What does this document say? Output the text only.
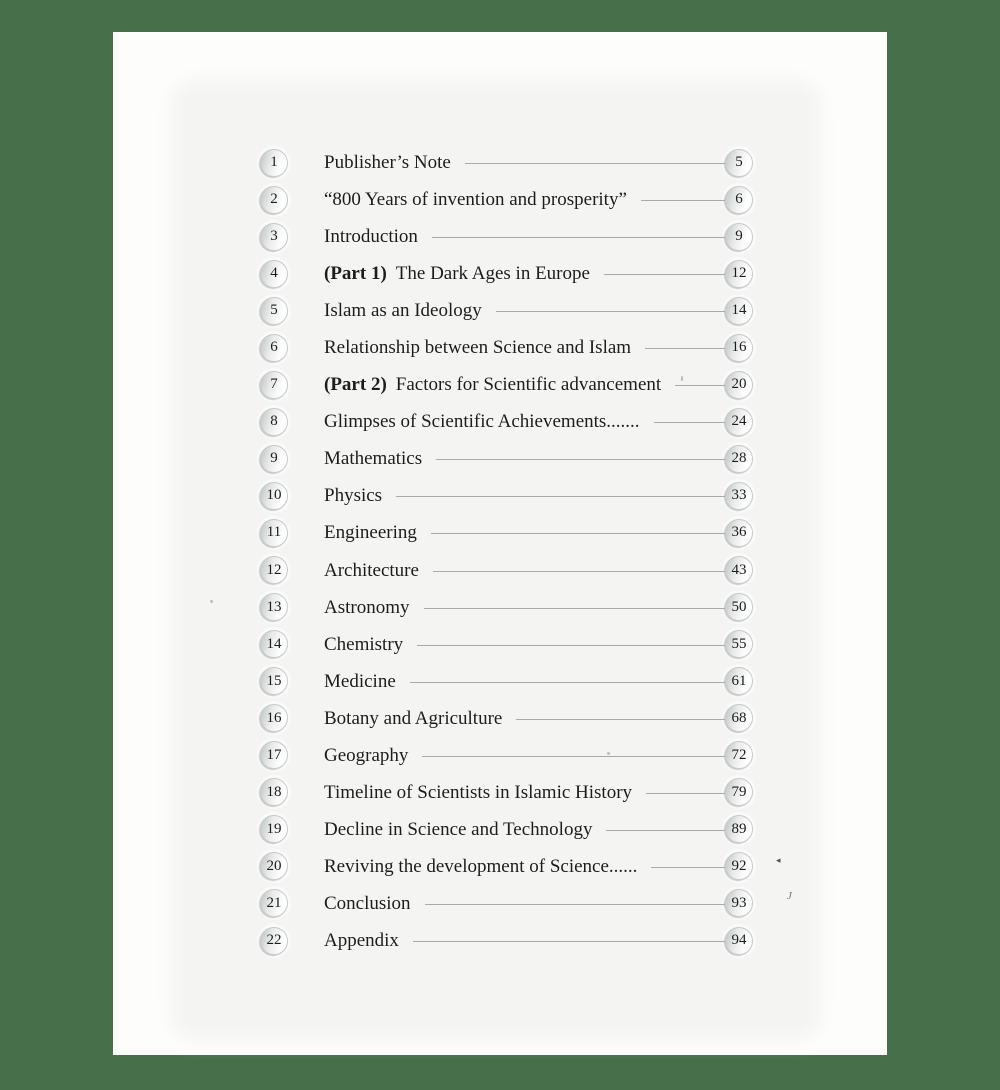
1	Publisher’s Note	5
2	“800 Years of invention and prosperity”	6
3	Introduction	9
4	(Part 1) The Dark Ages in Europe	12
5	Islam as an Ideology	14
6	Relationship between Science and Islam	16
7	(Part 2) Factors for Scientific advancement	20
8	Glimpses of Scientific Achievements.......	24
9	Mathematics	28
10	Physics	33
11	Engineering	36
12	Architecture	43
13	Astronomy	50
14	Chemistry	55
15	Medicine	61
16	Botany and Agriculture	68
17	Geography	72
18	Timeline of Scientists in Islamic History	79
19	Decline in Science and Technology	89
20	Reviving the development of Science......	92
21	Conclusion	93
22	Appendix	94
◂
J
